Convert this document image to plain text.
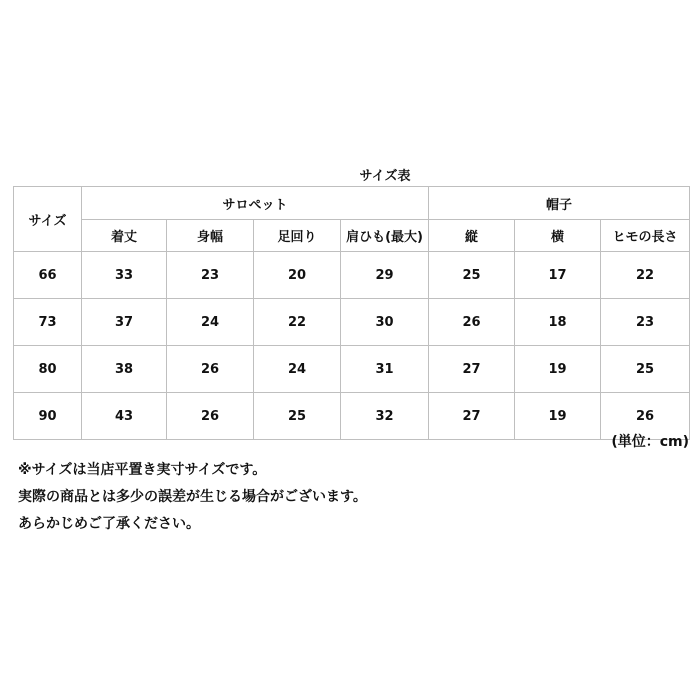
サイズ表
サイズ	サロペット				帽子		
	着丈	身幅	足回り	肩ひも(最大)	縦	横	ヒモの長さ
66	33	23	20	29	25	17	22
73	37	24	22	30	26	18	23
80	38	26	24	31	27	19	25
90	43	26	25	32	27	19	26
(単位：cm)
※サイズは当店平置き実寸サイズです。
実際の商品とは多少の誤差が生じる場合がございます。
あらかじめご了承ください。
